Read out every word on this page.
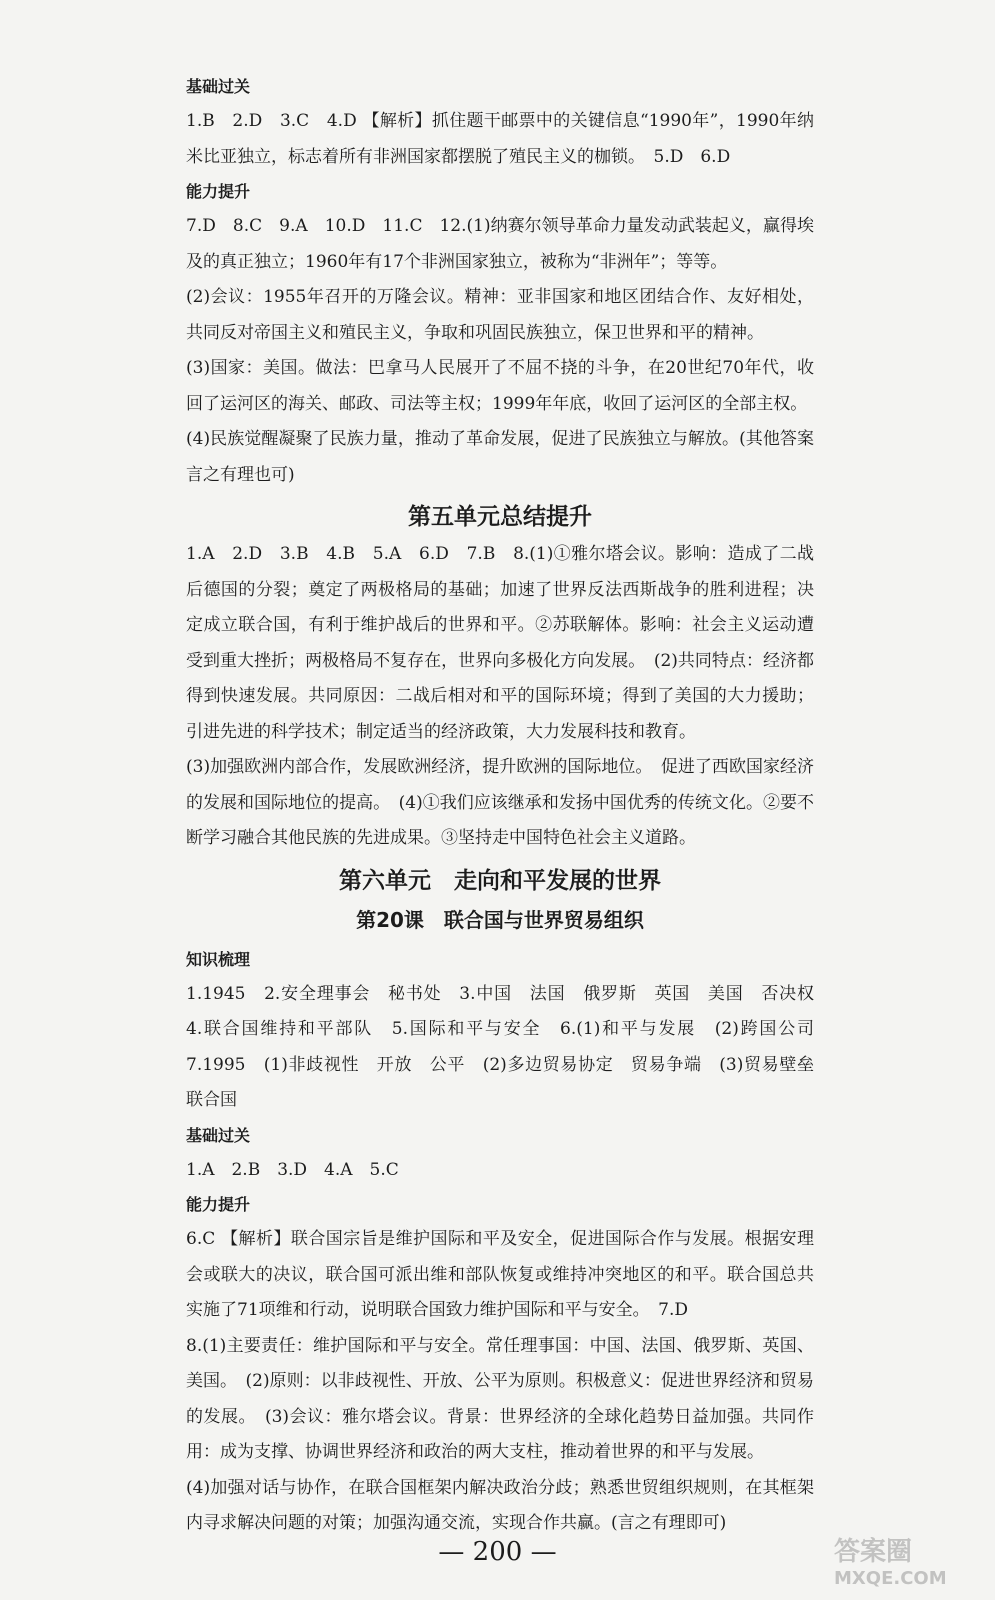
基础过关
1.B　2.D　3.C　4.D 【解析】抓住题干邮票中的关键信息“1990年”，1990年纳米比亚独立，标志着所有非洲国家都摆脱了殖民主义的枷锁。　5.D　6.D
能力提升
7.D　8.C　9.A　10.D　11.C　12.(1)纳赛尔领导革命力量发动武装起义，赢得埃及的真正独立；1960年有17个非洲国家独立，被称为“非洲年”；等等。
(2)会议：1955年召开的万隆会议。精神：亚非国家和地区团结合作、友好相处，共同反对帝国主义和殖民主义，争取和巩固民族独立，保卫世界和平的精神。
(3)国家：美国。做法：巴拿马人民展开了不屈不挠的斗争，在20世纪70年代，收回了运河区的海关、邮政、司法等主权；1999年年底，收回了运河区的全部主权。
(4)民族觉醒凝聚了民族力量，推动了革命发展，促进了民族独立与解放。(其他答案言之有理也可)
第五单元总结提升
1.A　2.D　3.B　4.B　5.A　6.D　7.B　8.(1)①雅尔塔会议。影响：造成了二战后德国的分裂；奠定了两极格局的基础；加速了世界反法西斯战争的胜利进程；决定成立联合国，有利于维护战后的世界和平。②苏联解体。影响：社会主义运动遭受到重大挫折；两极格局不复存在，世界向多极化方向发展。　(2)共同特点：经济都得到快速发展。共同原因：二战后相对和平的国际环境；得到了美国的大力援助；引进先进的科学技术；制定适当的经济政策，大力发展科技和教育。
(3)加强欧洲内部合作，发展欧洲经济，提升欧洲的国际地位。　促进了西欧国家经济的发展和国际地位的提高。　(4)①我们应该继承和发扬中国优秀的传统文化。②要不断学习融合其他民族的先进成果。③坚持走中国特色社会主义道路。
第六单元　走向和平发展的世界
第20课　联合国与世界贸易组织
知识梳理
1.1945　2.安全理事会　秘书处　3.中国　法国　俄罗斯　英国　美国　否决权　4.联合国维持和平部队　5.国际和平与安全　6.(1)和平与发展　(2)跨国公司　7.1995　(1)非歧视性　开放　公平　(2)多边贸易协定　贸易争端　(3)贸易壁垒　联合国
基础过关
1.A　2.B　3.D　4.A　5.C
能力提升
6.C 【解析】联合国宗旨是维护国际和平及安全，促进国际合作与发展。根据安理会或联大的决议，联合国可派出维和部队恢复或维持冲突地区的和平。联合国总共实施了71项维和行动，说明联合国致力维护国际和平与安全。　7.D
8.(1)主要责任：维护国际和平与安全。常任理事国：中国、法国、俄罗斯、英国、美国。　(2)原则：以非歧视性、开放、公平为原则。积极意义：促进世界经济和贸易的发展。　(3)会议：雅尔塔会议。背景：世界经济的全球化趋势日益加强。共同作用：成为支撑、协调世界经济和政治的两大支柱，推动着世界的和平与发展。
(4)加强对话与协作，在联合国框架内解决政治分歧；熟悉世贸组织规则，在其框架内寻求解决问题的对策；加强沟通交流，实现合作共赢。(言之有理即可)
— 200 —	答案圈
MXQE.COM
